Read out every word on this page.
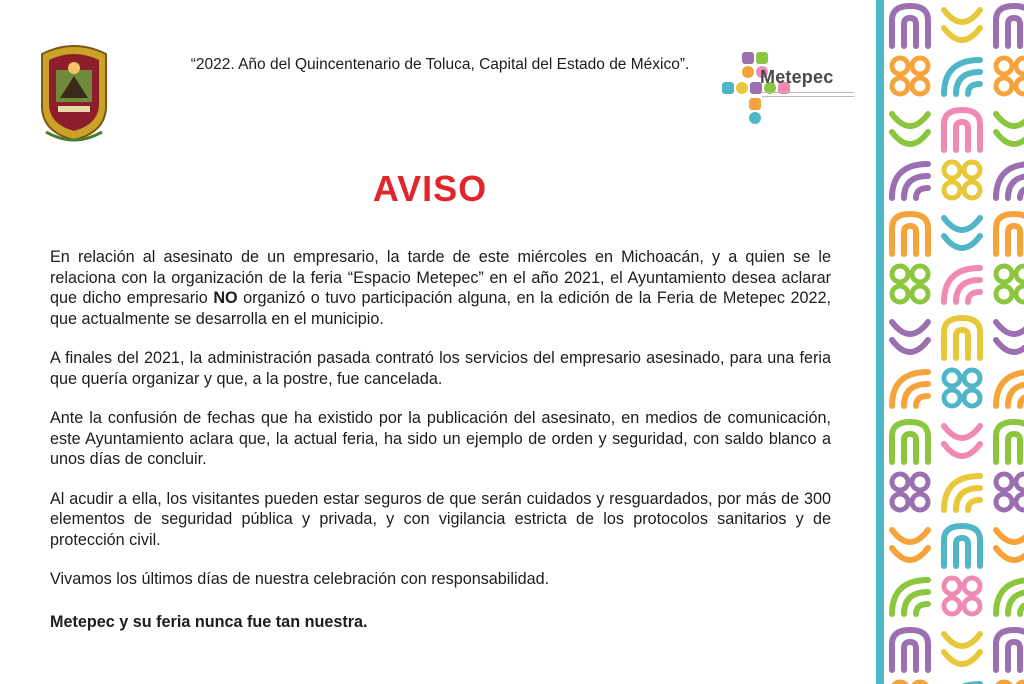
“2022. Año del Quincentenario de Toluca, Capital del Estado de México”.
Metepec
AVISO

En relación al asesinato de un empresario, la tarde de este miércoles en Michoacán, y a quien se le relaciona con la organización de la feria “Espacio Metepec” en el año 2021, el Ayuntamiento desea aclarar que dicho empresario NO organizó o tuvo participación alguna, en la edición de la Feria de Metepec 2022, que actualmente se desarrolla en el municipio.

A finales del 2021, la administración pasada contrató los servicios del empresario asesinado, para una feria que quería organizar y que, a la postre, fue cancelada.

Ante la confusión de fechas que ha existido por la publicación del asesinato, en medios de comunicación, este Ayuntamiento aclara que, la actual feria, ha sido un ejemplo de orden y seguridad, con saldo blanco a unos días de concluir.

Al acudir a ella, los visitantes pueden estar seguros de que serán cuidados y resguardados, por más de 300 elementos de seguridad pública y privada, y con vigilancia estricta de los protocolos sanitarios y de protección civil.

Vivamos los últimos días de nuestra celebración con responsabilidad.

Metepec y su feria nunca fue tan nuestra.
